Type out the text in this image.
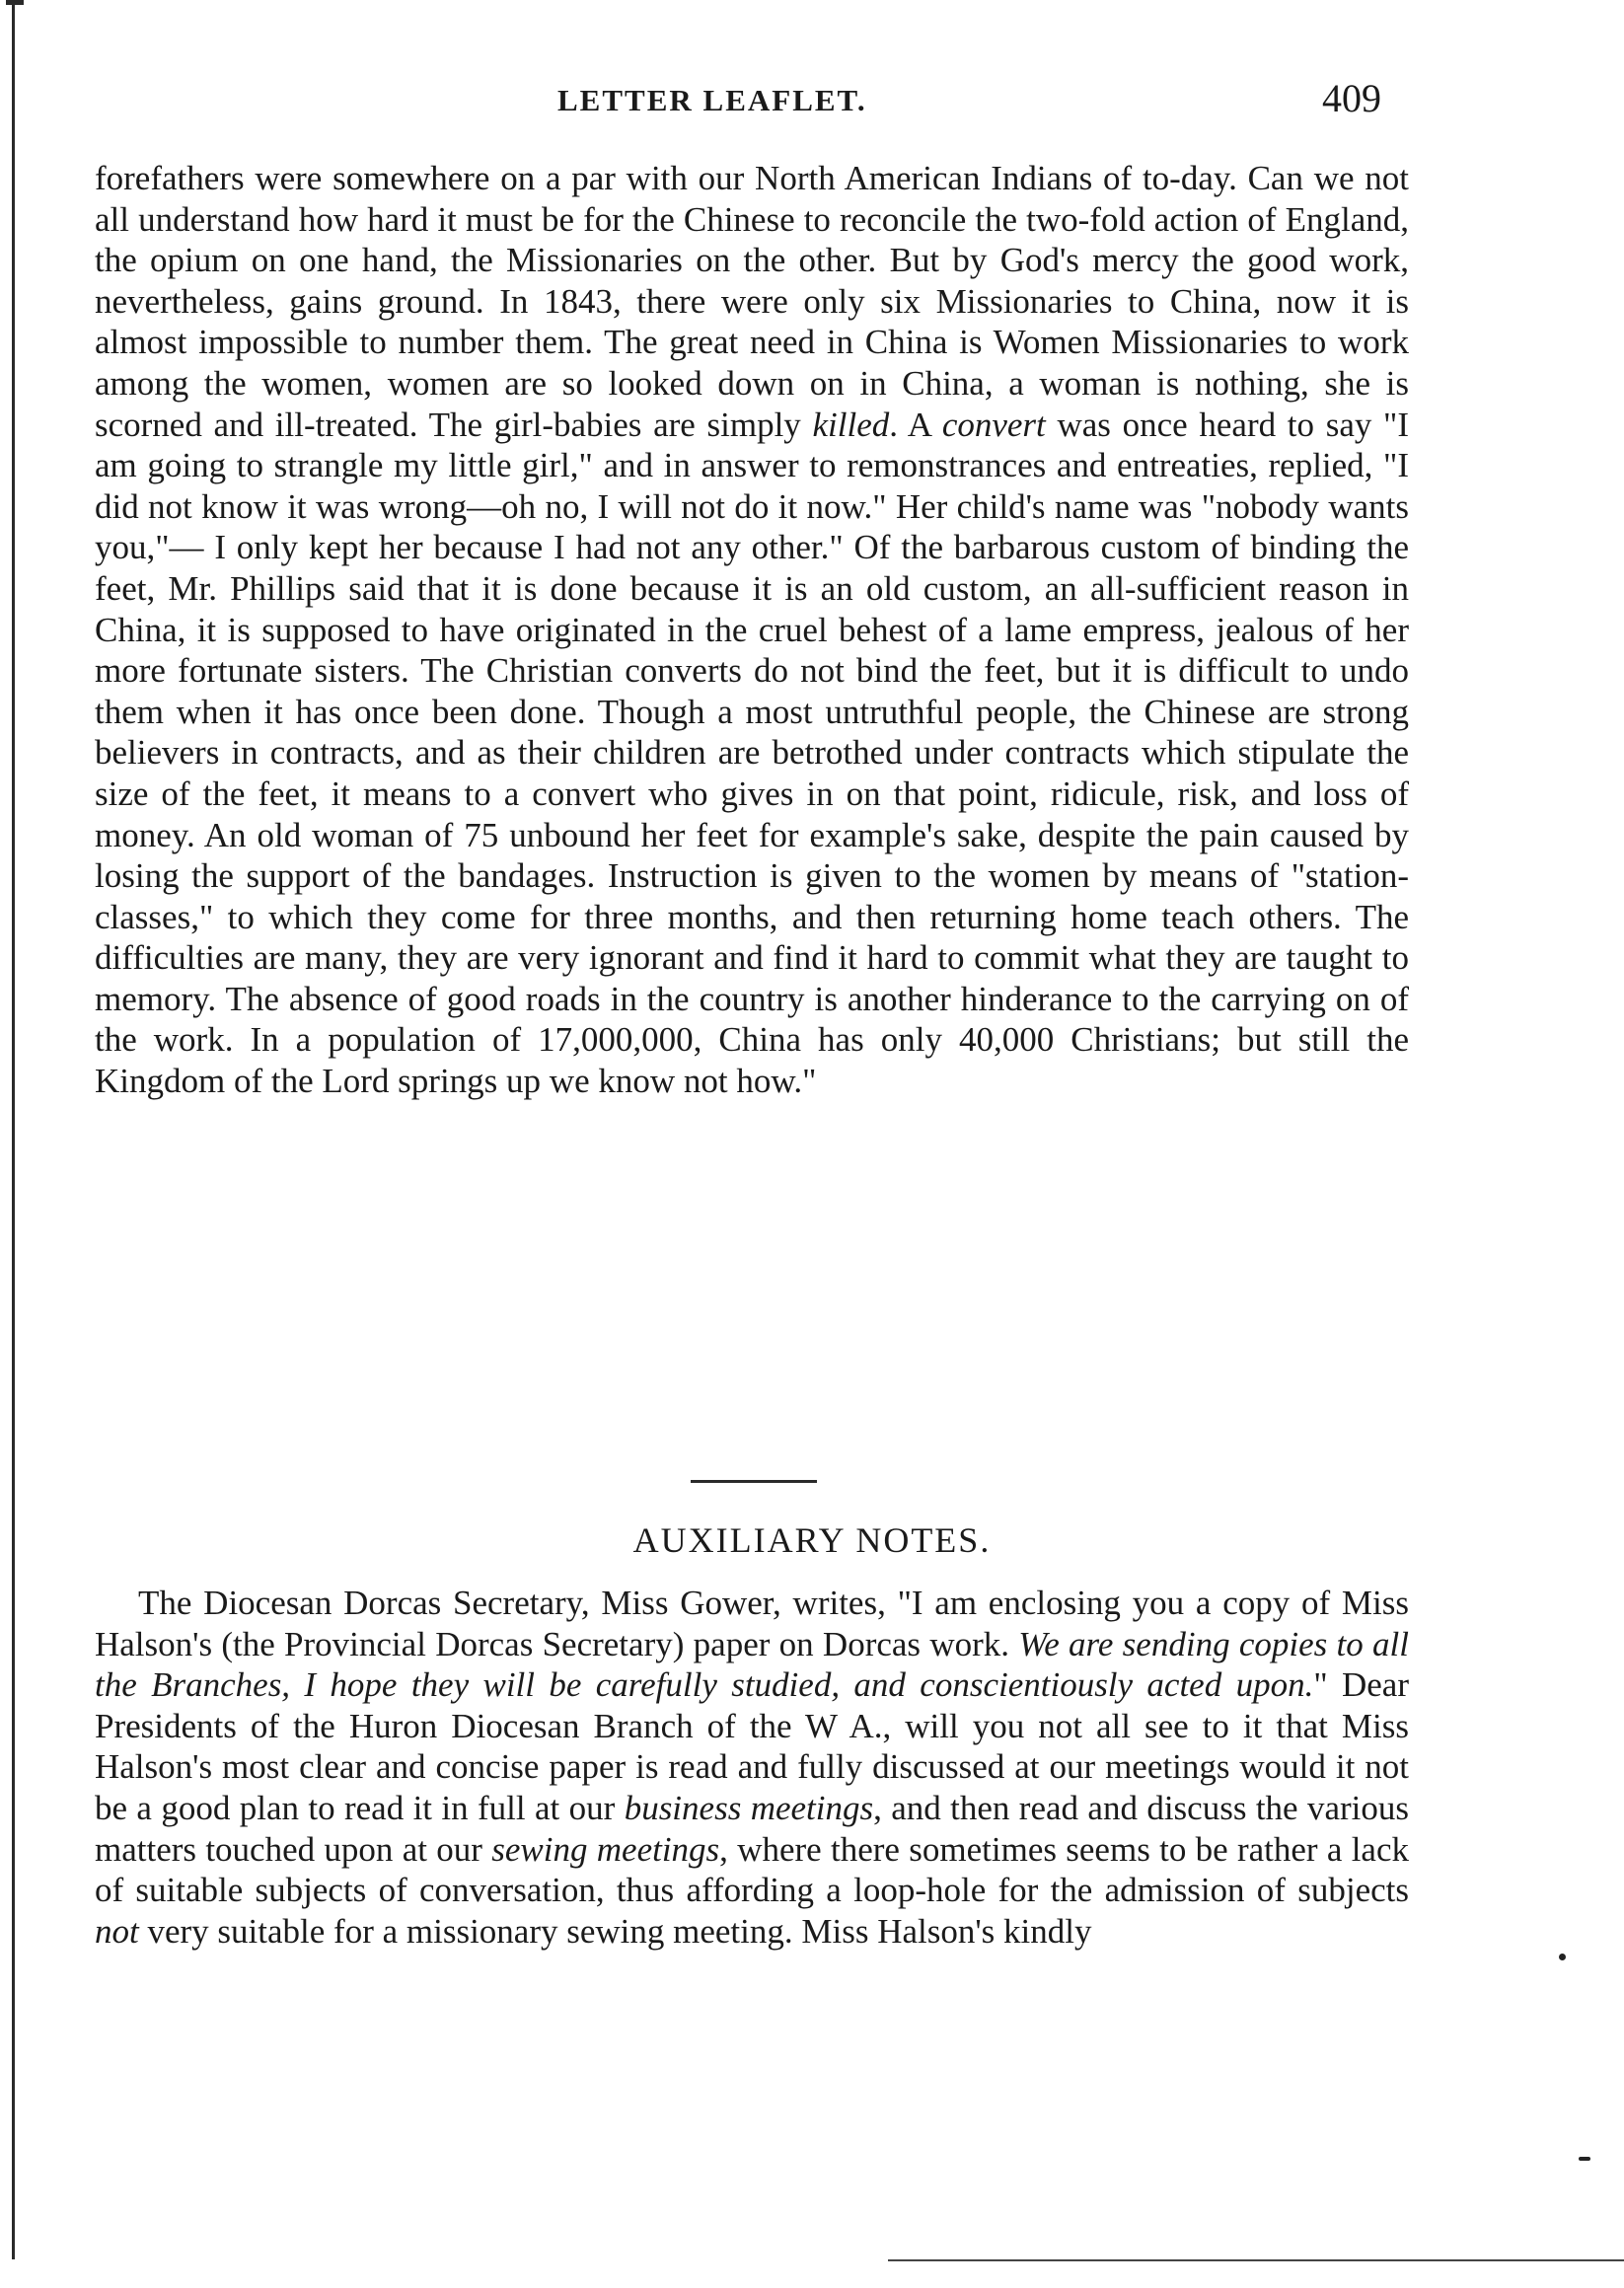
LETTER LEAFLET.	409

forefathers were somewhere on a par with our North American Indians of to-day. Can we not all understand how hard it must be for the Chinese to reconcile the two-fold action of England, the opium on one hand, the Missionaries on the other. But by God's mercy the good work, nevertheless, gains ground. In 1843, there were only six Missionaries to China, now it is almost impossible to number them. The great need in China is Women Missionaries to work among the women, women are so looked down on in China, a woman is nothing, she is scorned and ill-treated. The girl-babies are simply killed. A convert was once heard to say "I am going to strangle my little girl," and in answer to remonstrances and entreaties, replied, "I did not know it was wrong—oh no, I will not do it now." Her child's name was "nobody wants you,"— I only kept her because I had not any other." Of the barbarous custom of binding the feet, Mr. Phillips said that it is done because it is an old custom, an all-sufficient reason in China, it is supposed to have originated in the cruel behest of a lame empress, jealous of her more fortunate sisters. The Christian converts do not bind the feet, but it is difficult to undo them when it has once been done. Though a most untruthful people, the Chinese are strong believers in contracts, and as their children are betrothed under contracts which stipulate the size of the feet, it means to a convert who gives in on that point, ridicule, risk, and loss of money. An old woman of 75 unbound her feet for example's sake, despite the pain caused by losing the support of the bandages. Instruction is given to the women by means of "station-classes," to which they come for three months, and then returning home teach others. The difficulties are many, they are very ignorant and find it hard to commit what they are taught to memory. The absence of good roads in the country is another hinderance to the carrying on of the work. In a population of 17,000,000, China has only 40,000 Christians; but still the Kingdom of the Lord springs up we know not how."

AUXILIARY NOTES.

The Diocesan Dorcas Secretary, Miss Gower, writes, "I am enclosing you a copy of Miss Halson's (the Provincial Dorcas Secretary) paper on Dorcas work. We are sending copies to all the Branches, I hope they will be carefully studied, and conscientiously acted upon." Dear Presidents of the Huron Diocesan Branch of the W A., will you not all see to it that Miss Halson's most clear and concise paper is read and fully discussed at our meetings would it not be a good plan to read it in full at our business meetings, and then read and discuss the various matters touched upon at our sewing meetings, where there sometimes seems to be rather a lack of suitable subjects of conversation, thus affording a loop-hole for the admission of subjects not very suitable for a missionary sewing meeting. Miss Halson's kindly
